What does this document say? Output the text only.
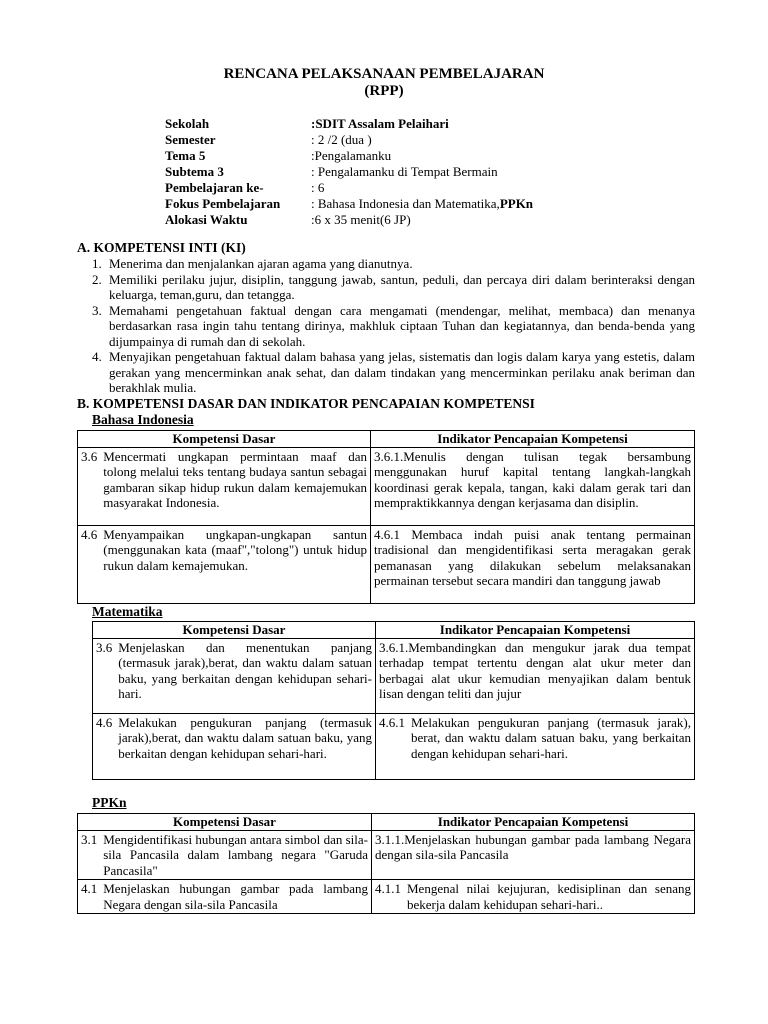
RENCANA PELAKSANAAN PEMBELAJARAN
(RPP)
Sekolah	:SDIT Assalam Pelaihari
Semester	: 2 /2 (dua )
Tema 5	:Pengalamanku
Subtema 3	: Pengalamanku di Tempat Bermain
Pembelajaran ke-	: 6
Fokus Pembelajaran	: Bahasa Indonesia dan Matematika,PPKn
Alokasi Waktu	:6 x 35 menit(6 JP)
A. KOMPETENSI INTI (KI)
1. Menerima dan menjalankan ajaran agama yang dianutnya.
2. Memiliki perilaku jujur, disiplin, tanggung jawab, santun, peduli, dan percaya diri dalam berinteraksi dengan keluarga, teman,guru, dan tetangga.
3. Memahami pengetahuan faktual dengan cara mengamati (mendengar, melihat, membaca) dan menanya berdasarkan rasa ingin tahu tentang dirinya, makhluk ciptaan Tuhan dan kegiatannya, dan benda-benda yang dijumpainya di rumah dan di sekolah.
4. Menyajikan pengetahuan faktual dalam bahasa yang jelas, sistematis dan logis dalam karya yang estetis, dalam gerakan yang mencerminkan anak sehat, dan dalam tindakan yang mencerminkan perilaku anak beriman dan berakhlak mulia.
B. KOMPETENSI DASAR DAN INDIKATOR PENCAPAIAN KOMPETENSI
Bahasa Indonesia
Kompetensi Dasar	Indikator Pencapaian Kompetensi

3.6 Mencermati ungkapan permintaan maaf dan tolong melalui teks tentang budaya santun sebagai gambaran sikap hidup rukun dalam kemajemukan masyarakat Indonesia.	3.6.1.Menulis dengan tulisan tegak bersambung menggunakan huruf kapital tentang langkah-langkah koordinasi gerak kepala, tangan, kaki dalam gerak tari dan mempraktikkannya dengan kerjasama dan disiplin.

4.6 Menyampaikan ungkapan-ungkapan santun (menggunakan kata (maaf","tolong") untuk hidup rukun dalam kemajemukan.	4.6.1 Membaca indah puisi anak tentang permainan tradisional dan mengidentifikasi serta meragakan gerak pemanasan yang dilakukan sebelum melaksanakan permainan tersebut secara mandiri dan tanggung jawab
Matematika
Kompetensi Dasar	Indikator Pencapaian Kompetensi

3.6 Menjelaskan dan menentukan panjang (termasuk jarak),berat, dan waktu dalam satuan baku, yang berkaitan dengan kehidupan sehari-hari.	3.6.1.Membandingkan dan mengukur jarak dua tempat terhadap tempat tertentu dengan alat ukur meter dan berbagai alat ukur kemudian menyajikan dalam bentuk lisan dengan teliti dan jujur

4.6 Melakukan pengukuran panjang (termasuk jarak),berat, dan waktu dalam satuan baku, yang berkaitan dengan kehidupan sehari-hari.	4.6.1 Melakukan pengukuran panjang (termasuk jarak), berat, dan waktu dalam satuan baku, yang berkaitan dengan kehidupan sehari-hari.
PPKn
Kompetensi Dasar	Indikator Pencapaian Kompetensi

3.1 Mengidentifikasi hubungan antara simbol dan sila-sila Pancasila dalam lambang negara "Garuda Pancasila"	3.1.1.Menjelaskan hubungan gambar pada lambang Negara dengan sila-sila Pancasila

4.1 Menjelaskan hubungan gambar pada lambang Negara dengan sila-sila Pancasila	4.1.1 Mengenal nilai kejujuran, kedisiplinan dan senang bekerja dalam kehidupan sehari-hari..
